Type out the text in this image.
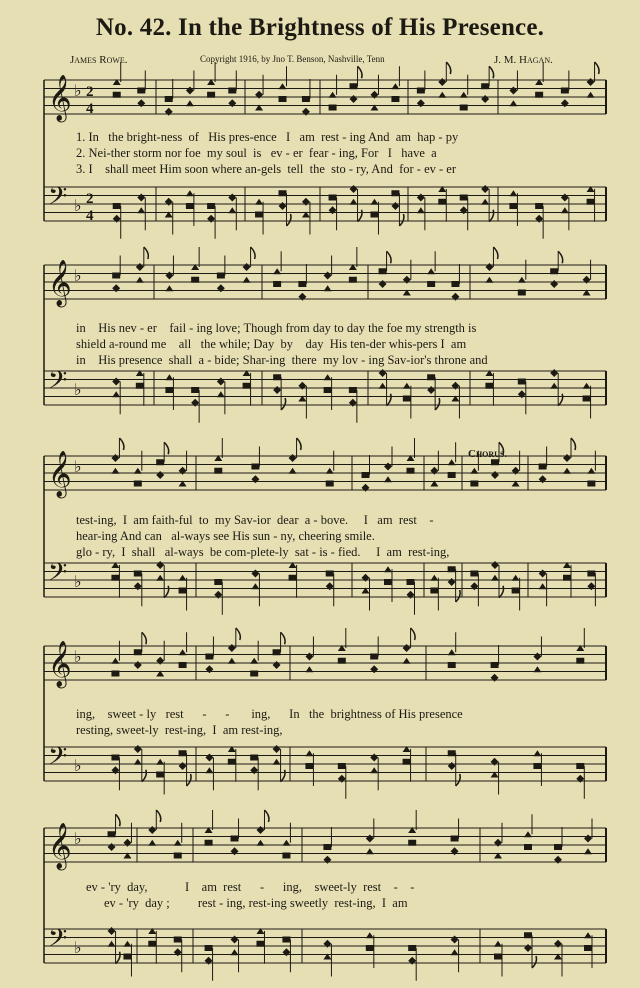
No. 42. In the Brightness of His Presence.
James Rowe.	Copyright 1916, by Jno T. Benson, Nashville, Tenn	J. M. Hagan.
𝄞 ♭ 2
4
𝄢 ♭ 2
4
𝄞 ♭
𝄢 ♭
𝄞 ♭
𝄢 ♭
𝄞 ♭
𝄢 ♭
𝄞 ♭
𝄢 ♭
Chorus.
1. In   the bright-ness  of   His pres-ence   I   am  rest - ing And  am  hap - py
2. Nei-ther storm nor foe  my soul  is   ev - er  fear - ing, For   I   have  a
3. I    shall meet Him soon where an-gels  tell  the  sto - ry, And  for - ev - er
in    His nev - er    fail - ing love; Though from day to day the foe my strength is
shield a-round me    all   the while; Day  by    day  His ten-der whis-pers I  am
in    His presence  shall  a - bide; Shar-ing  there  my lov - ing Sav-ior's throne and
test-ing,  I  am faith-ful  to  my Sav-ior  dear  a - bove.     I   am  rest    -
hear-ing And can   al-ways see His sun - ny, cheering smile.
glo - ry,  I  shall   al-ways  be com-plete-ly  sat - is - fied.     I  am  rest-ing,
ing,    sweet - ly   rest      -      -       ing,      In   the  brightness of His presence
resting, sweet-ly  rest-ing,  I  am rest-ing,
ev - 'ry  day,            I    am  rest      -      ing,    sweet-ly  rest    -    -
ev - 'ry  day ;         rest - ing, rest-ing sweetly  rest-ing,  I  am
